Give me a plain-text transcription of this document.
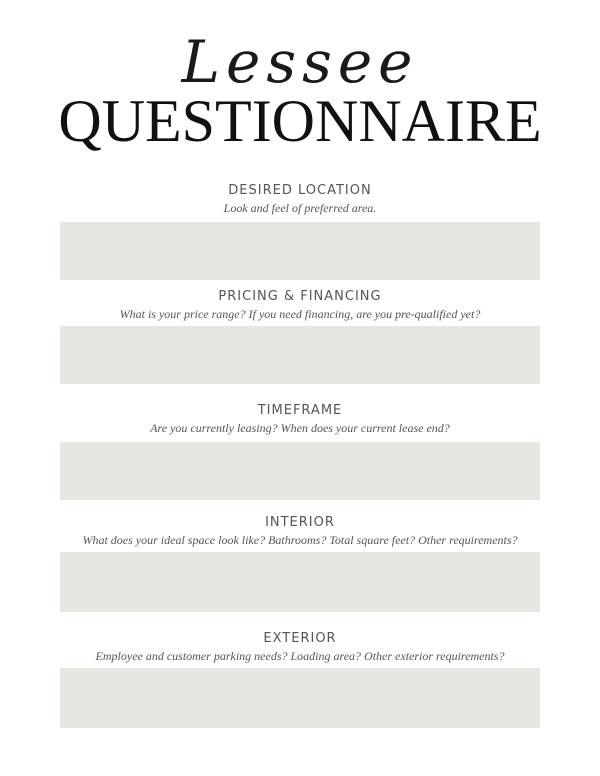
Lessee
QUESTIONNAIRE
DESIRED LOCATION
Look and feel of preferred area.
PRICING & FINANCING
What is your price range? If you need financing, are you pre-qualified yet?
TIMEFRAME
Are you currently leasing? When does your current lease end?
INTERIOR
What does your ideal space look like? Bathrooms? Total square feet? Other requirements?
EXTERIOR
Employee and customer parking needs? Loading area? Other exterior requirements?
